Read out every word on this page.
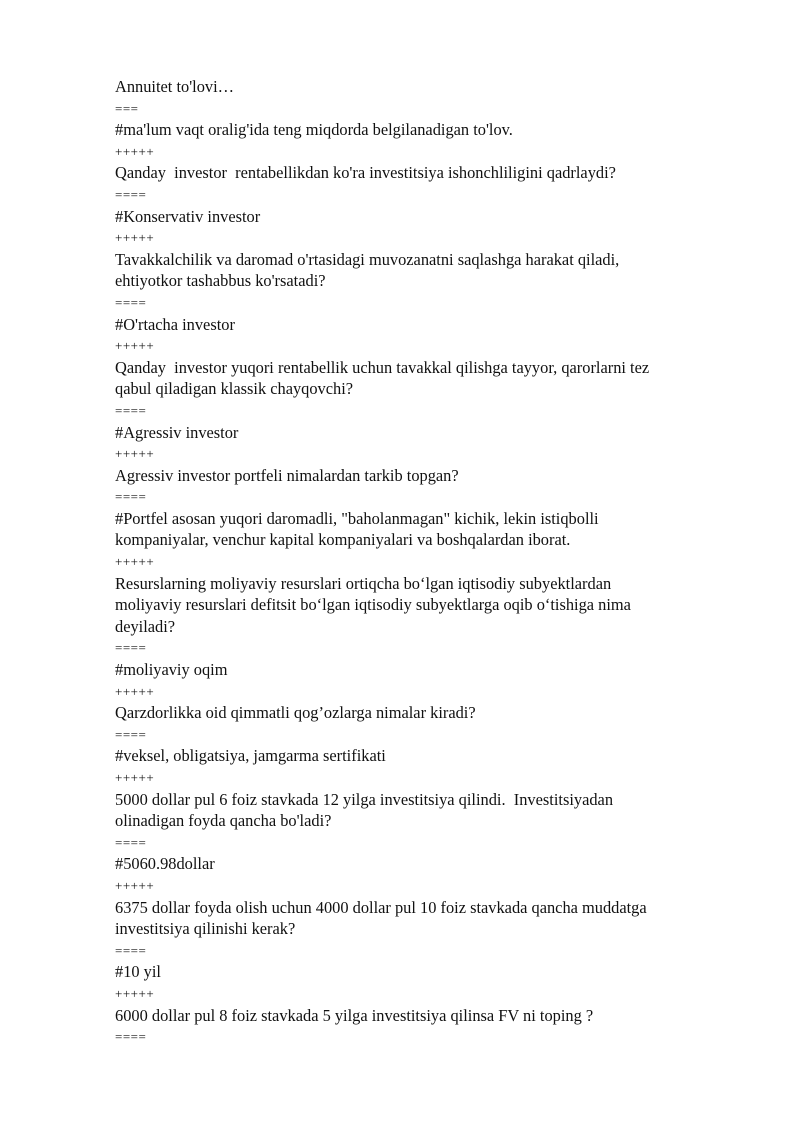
Annuitet to'lovi…
===
#ma'lum vaqt oralig'ida teng miqdorda belgilanadigan to'lov.
+++++
Qanday  investor  rentabellikdan ko'ra investitsiya ishonchliligini qadrlaydi?
====
#Konservativ investor
+++++
Tavakkalchilik va daromad o'rtasidagi muvozanatni saqlashga harakat qiladi,
ehtiyotkor tashabbus ko'rsatadi?
====
#O'rtacha investor
+++++
Qanday  investor yuqori rentabellik uchun tavakkal qilishga tayyor, qarorlarni tez
qabul qiladigan klassik chayqovchi?
====
#Agressiv investor
+++++
Agressiv investor portfeli nimalardan tarkib topgan?
====
#Portfel asosan yuqori daromadli, "baholanmagan" kichik, lekin istiqbolli
kompaniyalar, venchur kapital kompaniyalari va boshqalardan iborat.
+++++
Resurslarning moliyaviy resurslari ortiqcha bo‘lgan iqtisodiy subyektlardan
moliyaviy resurslari defitsit bo‘lgan iqtisodiy subyektlarga oqib o‘tishiga nima
deyiladi?
====
#moliyaviy oqim
+++++
Qarzdorlikka oid qimmatli qog’ozlarga nimalar kiradi?
====
#veksel, obligatsiya, jamgarma sertifikati
+++++
5000 dollar pul 6 foiz stavkada 12 yilga investitsiya qilindi.  Investitsiyadan
olinadigan foyda qancha bo'ladi?
====
#5060.98dollar
+++++
6375 dollar foyda olish uchun 4000 dollar pul 10 foiz stavkada qancha muddatga
investitsiya qilinishi kerak?
====
#10 yil
+++++
6000 dollar pul 8 foiz stavkada 5 yilga investitsiya qilinsa FV ni toping ?
====
